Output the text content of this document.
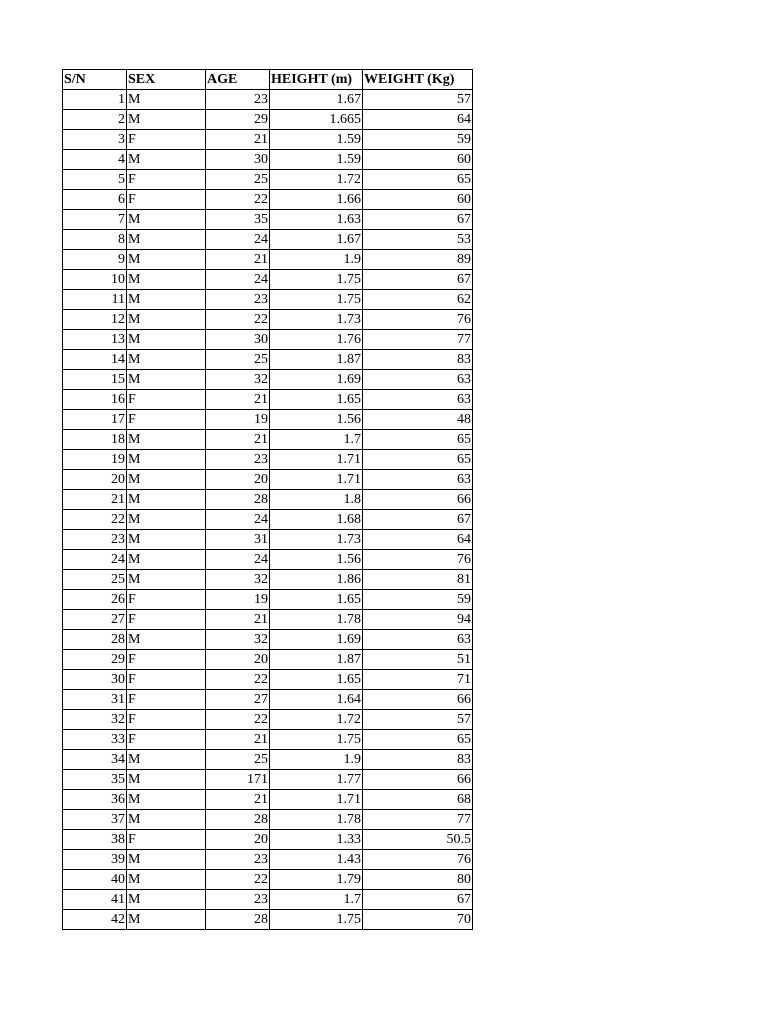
S/N	SEX	AGE	HEIGHT (m)	WEIGHT (Kg)
1	M	23	1.67	57
2	M	29	1.665	64
3	F	21	1.59	59
4	M	30	1.59	60
5	F	25	1.72	65
6	F	22	1.66	60
7	M	35	1.63	67
8	M	24	1.67	53
9	M	21	1.9	89
10	M	24	1.75	67
11	M	23	1.75	62
12	M	22	1.73	76
13	M	30	1.76	77
14	M	25	1.87	83
15	M	32	1.69	63
16	F	21	1.65	63
17	F	19	1.56	48
18	M	21	1.7	65
19	M	23	1.71	65
20	M	20	1.71	63
21	M	28	1.8	66
22	M	24	1.68	67
23	M	31	1.73	64
24	M	24	1.56	76
25	M	32	1.86	81
26	F	19	1.65	59
27	F	21	1.78	94
28	M	32	1.69	63
29	F	20	1.87	51
30	F	22	1.65	71
31	F	27	1.64	66
32	F	22	1.72	57
33	F	21	1.75	65
34	M	25	1.9	83
35	M	171	1.77	66
36	M	21	1.71	68
37	M	28	1.78	77
38	F	20	1.33	50.5
39	M	23	1.43	76
40	M	22	1.79	80
41	M	23	1.7	67
42	M	28	1.75	70
